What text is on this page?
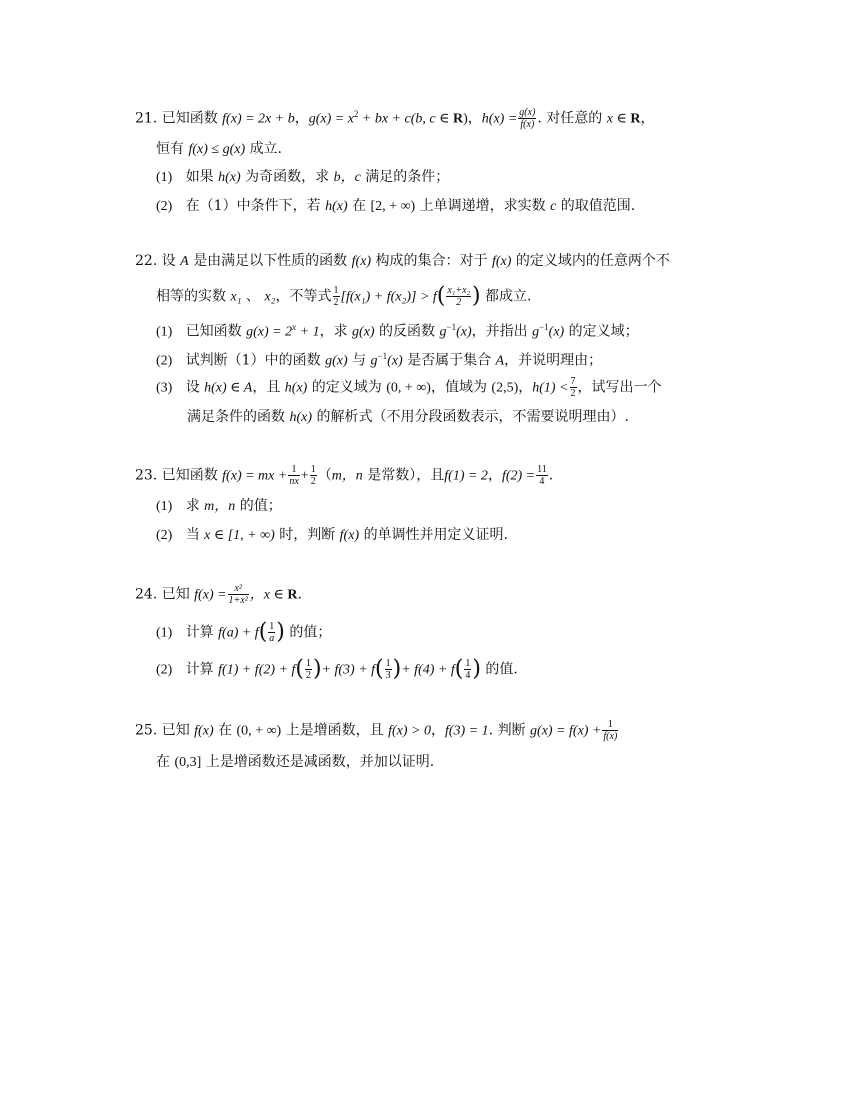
21. 已知函数 f(x) = 2x + b，$g(x) = x^2$ + bx + c(b, c ∈ R)，$h(x) = \frac{g(x)}{f(x)}$ . 对任意的 x ∈ R，
恒有 f(x) ≤ g(x) 成立.
(1) 如果 h(x) 为奇函数，求 b，c 满足的条件；
(2) 在（1）中条件下，若 h(x) 在 [2, + ∞) 上单调递增，求实数 c 的取值范围.
22. 设 A 是由满足以下性质的函数 f(x) 构成的集合：对于 f(x) 的定义域内的任意两个不
相等的实数 x₁ 、 x₂，不等式 $\frac{1}{2} [f(x_1) + f(x_2)] > f( \frac{\text{x₁+x₂}}{2}$ ) 都成立.
(1) 已知函数 $g(x) = 2^x + 1$，求 g(x) 的反函数 $g^{-1}(x)$，并指出 $g^{-1}(x)$ 的定义域；
(2) 试判断（1）中的函数 g(x) 与 $g^{-1}(x)$ 是否属于集合 A，并说明理由；
(3) 设 h(x) ∈ A，且 h(x) 的定义域为 (0, + ∞)，值域为 (2,5)，$h(1) < \frac{7}{2}$ ，试写出一个
满足条件的函数 h(x) 的解析式（不用分段函数表示，不需要说明理由）.
23. 已知函数 f(x) = mx + $\frac{1}{nx} + \frac{1}{2} (m$，n 是常数），且f(1) = 2，$f(2) = \frac{11}{4}$ .
(1) 求 m，n 的值；
(2) 当 x ∈ [1, + ∞) 时，判断 f(x) 的单调性并用定义证明.
24. 已知 $f(x) = \frac{\text{x²}}{\text{1+x²}}$ ，x ∈ R.
(1) 计算 $f(a) + f( \frac{1}{a}$ ) 的值；
(2) 计算 $f(1) + f(2) + f( \frac{1}{2}$ )+ $f(3) + f( \frac{1}{3}$ )+ $f(4) + f( \frac{1}{4}$ ) 的值.
25. 已知 f(x) 在 (0, + ∞) 上是增函数，且 f(x) > 0，f(3) = 1. 判断 $g(x) = f(x) + \frac{1}{f(x)}$
在 (0,3] 上是增函数还是减函数，并加以证明.
